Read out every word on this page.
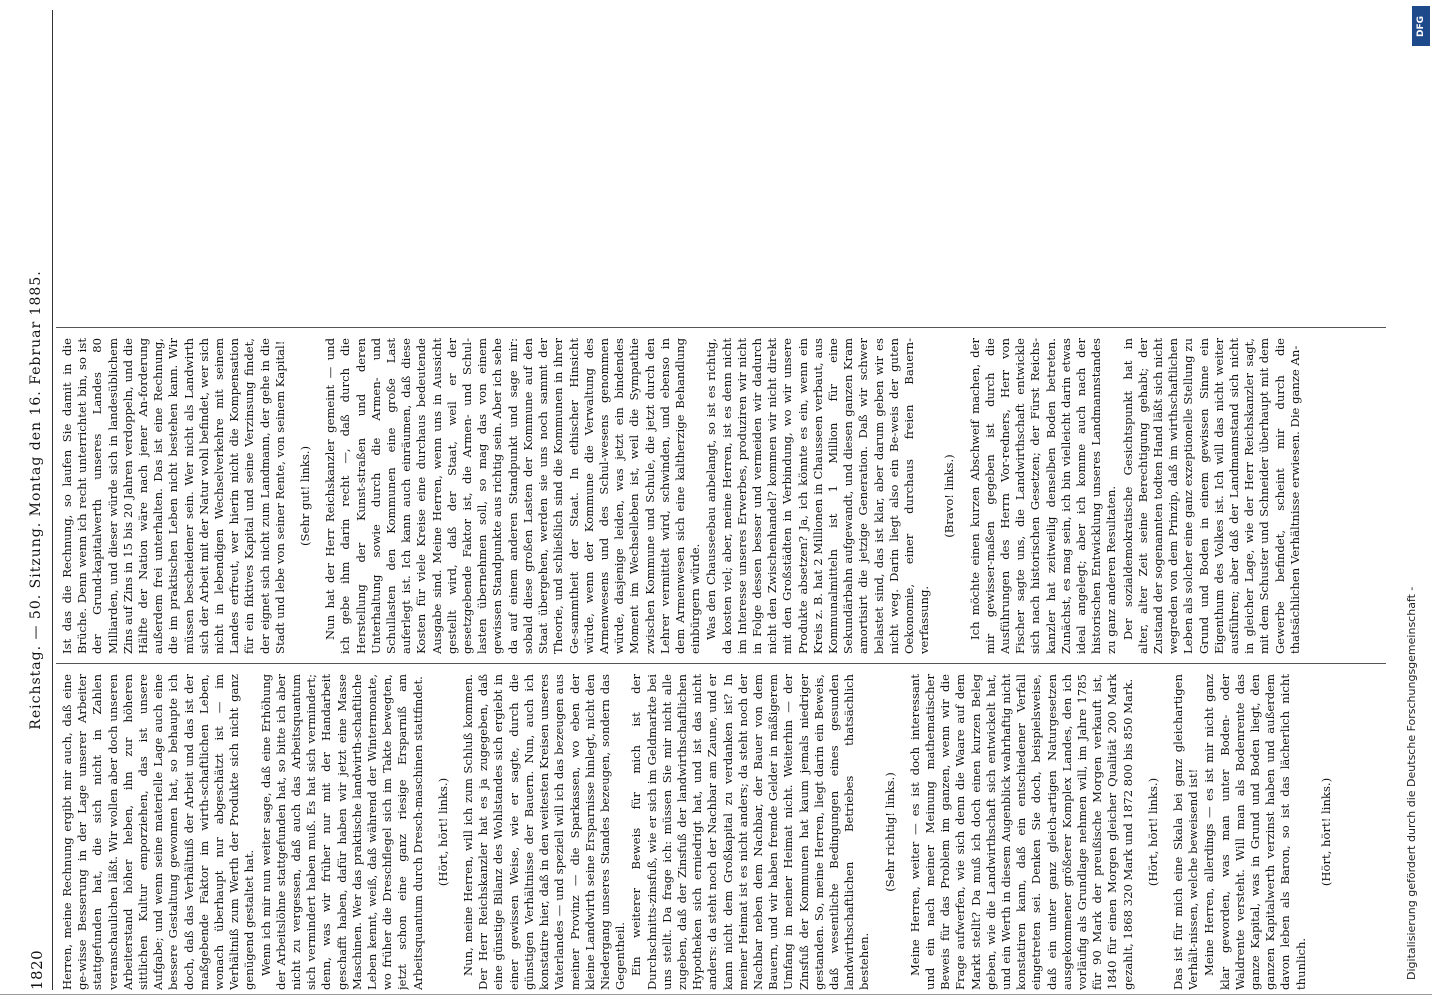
1820
Reichstag. — 50. Sitzung. Montag den 16. Februar 1885.

Herren, meine Rechnung ergibt mir auch, daß eine ge-wisse Besserung in der Lage unserer Arbeiter stattgefunden hat, die sich nicht in Zahlen veranschaulichen läßt. Wir wollen aber doch unseren Arbeiterstand höher heben, ihn zur höheren sittlichen Kultur emporziehen, das ist unsere Aufgabe; und wenn seine materielle Lage auch eine bessere Gestaltung gewonnen hat, so behaupte ich doch, daß das Verhältniß der Arbeit und das ist der maßgebende Faktor im wirth-schaftlichen Leben, wonach überhaupt nur abgeschätzt ist — im Verhältniß zum Werth der Produkte sich nicht ganz genügend gestaltet hat. Wenn ich mir nun weiter sage, daß eine Erhöhung der Arbeitslöhne stattgefunden hat, so bitte ich aber nicht zu vergessen, daß auch das Arbeitsquantum sich vermindert haben muß. Es hat sich vermindert; denn, was wir früher nur mit der Handarbeit geschafft haben, dafür haben wir jetzt eine Masse Maschinen. Wer das praktische landwirth-schaftliche Leben kennt, weiß, daß während der Wintermonate, wo früher die Dreschflegel sich im Takte bewegten, jetzt schon eine ganz riesige Ersparniß am Arbeitsquantum durch Dresch-maschinen stattfindet. (Hört, hört! links.) Nun, meine Herren, will ich zum Schluß kommen. Der Herr Reichskanzler hat es ja zugegeben, daß eine günstige Bilanz des Wohlstandes sich ergiebt in einer gewissen Weise, wie er sagte, durch die günstigen Verhältnisse der Bauern. Nun, auch ich konstatire hier, daß in den weitesten Kreisen unseres Vaterlandes — und speziell will ich das bezeugen aus meiner Provinz — die Sparkassen, wo eben der kleine Landwirth seine Ersparnisse hinlegt, nicht den Niedergang unseres Standes bezeugen, sondern das Gegentheil. Ein weiterer Beweis für mich ist der Durchschnitts-zinsfuß, wie er sich im Geldmarkte bei uns stellt. Da frage ich: müssen Sie mir nicht alle zugeben, daß der Zinsfuß der landwirthschaftlichen Hypotheken sich erniedrigt hat, und ist das nicht anders: da steht noch der Nachbar am Zaune, und er kann nicht dem Großkapital zu verdanken ist? In meiner Heimat ist es nicht anders; da steht noch der Nachbar neben dem Nachbar, der Bauer von dem Bauern, und wir haben fremde Gelder in mäßigerem Umfang in meiner Heimat nicht. Weiterhin — der Zinsfuß der Kommunen hat kaum jemals niedriger gestanden. So, meine Herren, liegt darin ein Beweis, daß wesentliche Bedingungen eines gesunden landwirthschaftlichen Betriebes thatsächlich bestehen.

(Sehr richtig! links.) Meine Herren, weiter — es ist doch interessant und ein nach meiner Meinung mathematischer Beweis für das Problem im ganzen, wenn wir die Frage aufwerfen, wie sich denn die Waare auf dem Markt stellt? Da muß ich doch einen kurzen Beleg geben, wie die Landwirthschaft sich entwickelt hat, und ein Werth in diesem Augenblick wahrhaftig nicht konstatiren kann, daß ein entschiedener Verfall eingetreten sei. Denken Sie doch, beispielsweise, daß ein unter ganz gleich-artigen Naturgesetzen ausgekommener größerer Komplex Landes, den ich vorläufig als Grundlage nehmen will, im Jahre 1785 für 90 Mark der preußische Morgen verkauft ist, 1840 für einen Morgen gleicher Qualität 200 Mark gezahlt, 1868 320 Mark und 1872 800 bis 850 Mark. (Hört, hört! links.) Das ist für mich eine Skala bei ganz gleichartigen Verhält-nissen, welche beweisend ist! Meine Herren, allerdings — es ist mir nicht ganz klar geworden, was man unter Boden- oder Waldrente versteht. Will man als Bodenrente das ganze Kapital, was in Grund und Boden liegt, den ganzen Kapitalwerth verzinst haben und außerdem davon leben als Baron, so ist das lächerlich nicht thunlich.

(Hört, hört! links.)

Ist das die Rechnung, so laufen Sie damit in die Brüche. Denn wenn ich recht unterrichtet bin, so ist der Grund-kapitalwerth unseres Landes 80 Milliarden, und dieser würde sich in landesüblichem Zins auf Zins in 15 bis 20 Jahren verdoppeln, und die Hälfte der Nation wäre nach jener An-forderung außerdem frei unterhalten. Das ist eine Rechnung, die im praktischen Leben nicht bestehen kann. Wir müssen bescheidener sein. Wer nicht als Landwirth sich der Arbeit mit der Natur wohl befindet, wer sich nicht in lebendigen Wechselverkehre mit seinem Landes erfreut, wer hierin nicht die Kompensation für ein fiktives Kapital und seine Verzinsung findet, der eignet sich nicht zum Landmann, der gehe in die Stadt und lebe von seiner Rente, von seinem Kapital! (Sehr gut! links.) Nun hat der Herr Reichskanzler gemeint — und ich gebe ihm darin recht —, daß durch die Herstellung der Kunst-straßen und deren Unterhaltung sowie durch die Armen- und Schullasten den Kommunen eine große Last auferlegt ist. Ich kann auch einräumen, daß diese Kosten für viele Kreise eine durchaus bedeutende Ausgabe sind. Meine Herren, wenn uns in Aussicht gestellt wird, daß der Staat, weil er der gesetzgebende Faktor ist, die Armen- und Schul-lasten übernehmen soll, so mag das von einem gewissen Standpunkte aus richtig sein. Aber ich sehe da auf einem anderen Standpunkt und sage mir: sobald diese großen Lasten der Kommune auf den Staat übergehen, werden sie uns noch sammt der Theorie, und schließlich sind die Kommunen in ihrer Ge-sammtheit der Staat. In ethischer Hinsicht würde, wenn der Kommune die Verwaltung des Armenwesens und des Schul-wesens genommen würde, dasjenige leiden, was jetzt ein bindendes Moment im Wechselleben ist, weil die Sympathie zwischen Kommune und Schule, die jetzt durch den Lehrer vermittelt wird, schwinden, und ebenso in dem Armenwesen sich eine kaltherzige Behandlung einbürgern würde. Was den Chausseebau anbelangt, so ist es richtig, da kosten viel; aber, meine Herren, ist es denn nicht im Interesse unseres Erwerbes, produziren wir nicht in Folge dessen besser und vermeiden wir dadurch nicht den Zwischenhandel? kommen wir nicht direkt mit den Großstädten in Verbindung, wo wir unsere Produkte absetzen? Ja, ich könnte es ein, wenn ein Kreis z. B. hat 2 Millionen in Chausseen verbaut, aus Kommunalmitteln ist 1 Million für eine Sekundärbahn aufgewandt, und diesen ganzen Kram amortisirt die jetzige Generation. Daß wir schwer belastet sind, das ist klar, aber darum geben wir es nicht weg. Darin liegt also ein Be-weis der guten Oekonomie, einer durchaus freien Bauern-verfassung.

(Bravo! links.) Ich möchte einen kurzen Abschweif machen, der mir gewisser-maßen gegeben ist durch die Ausführungen des Herrn Vor-redners, Herr von Fischer sagte uns, die Landwirthschaft entwickle sich nach historischen Gesetzen; der Fürst Reichs-kanzler hat zeitweilig denselben Boden betreten. Zunächst, es mag sein, ich bin vielleicht darin etwas ideal angelegt; aber ich komme auch nach der historischen Entwicklung unseres Landmannstandes zu ganz anderen Resultaten. Der sozialdemokratische Gesichtspunkt hat in alter, alter Zeit seine Berechtigung gehabt; der Zustand der sogenannten todten Hand läßt sich nicht wegreden von dem Prinzip, daß im wirthschaftlichen Leben als solcher eine ganz exzeptionelle Stellung zu Grund und Boden in einem gewissen Sinne ein Eigenthum des Volkes ist. Ich will das nicht weiter ausführen; aber daß der Landmannstand sich nicht in gleicher Lage, wie der Herr Reichskanzler sagt, mit dem Schuster und Schneider überhaupt mit dem Gewerbe befindet, scheint mir durch die thatsächlichen Verhältnisse erwiesen. Die ganze An-

DFG
Digitalisierung gefördert durch die Deutsche Forschungsgemeinschaft -
